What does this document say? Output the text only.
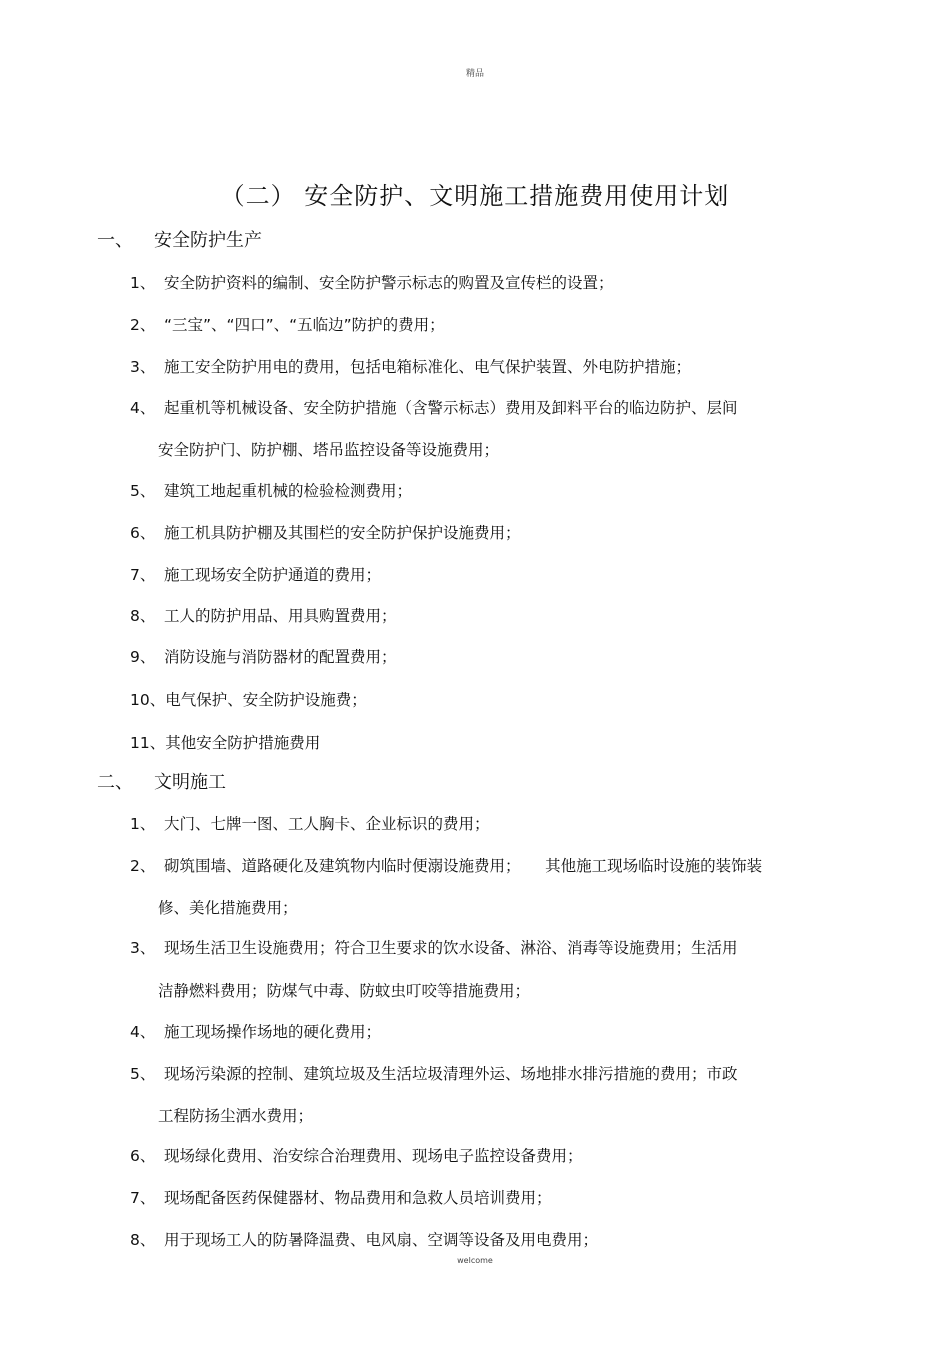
精品
（二） 安全防护、文明施工措施费用使用计划
一、 安全防护生产
1、 安全防护资料的编制、安全防护警示标志的购置及宣传栏的设置；
2、 “三宝”、“四口”、“五临边”防护的费用；
3、 施工安全防护用电的费用，包括电箱标准化、电气保护装置、外电防护措施；
4、 起重机等机械设备、安全防护措施（含警示标志）费用及卸料平台的临边防护、层间
安全防护门、防护棚、塔吊监控设备等设施费用；
5、 建筑工地起重机械的检验检测费用；
6、 施工机具防护棚及其围栏的安全防护保护设施费用；
7、 施工现场安全防护通道的费用；
8、 工人的防护用品、用具购置费用；
9、 消防设施与消防器材的配置费用；
10、电气保护、安全防护设施费；
11、其他安全防护措施费用
二、 文明施工
1、 大门、七牌一图、工人胸卡、企业标识的费用；
2、 砌筑围墙、道路硬化及建筑物内临时便溺设施费用；     其他施工现场临时设施的装饰装
修、美化措施费用；
3、 现场生活卫生设施费用；符合卫生要求的饮水设备、淋浴、消毒等设施费用；生活用
洁静燃料费用；防煤气中毒、防蚊虫叮咬等措施费用；
4、 施工现场操作场地的硬化费用；
5、 现场污染源的控制、建筑垃圾及生活垃圾清理外运、场地排水排污措施的费用；市政
工程防扬尘洒水费用；
6、 现场绿化费用、治安综合治理费用、现场电子监控设备费用；
7、 现场配备医药保健器材、物品费用和急救人员培训费用；
8、 用于现场工人的防暑降温费、电风扇、空调等设备及用电费用；
welcome
